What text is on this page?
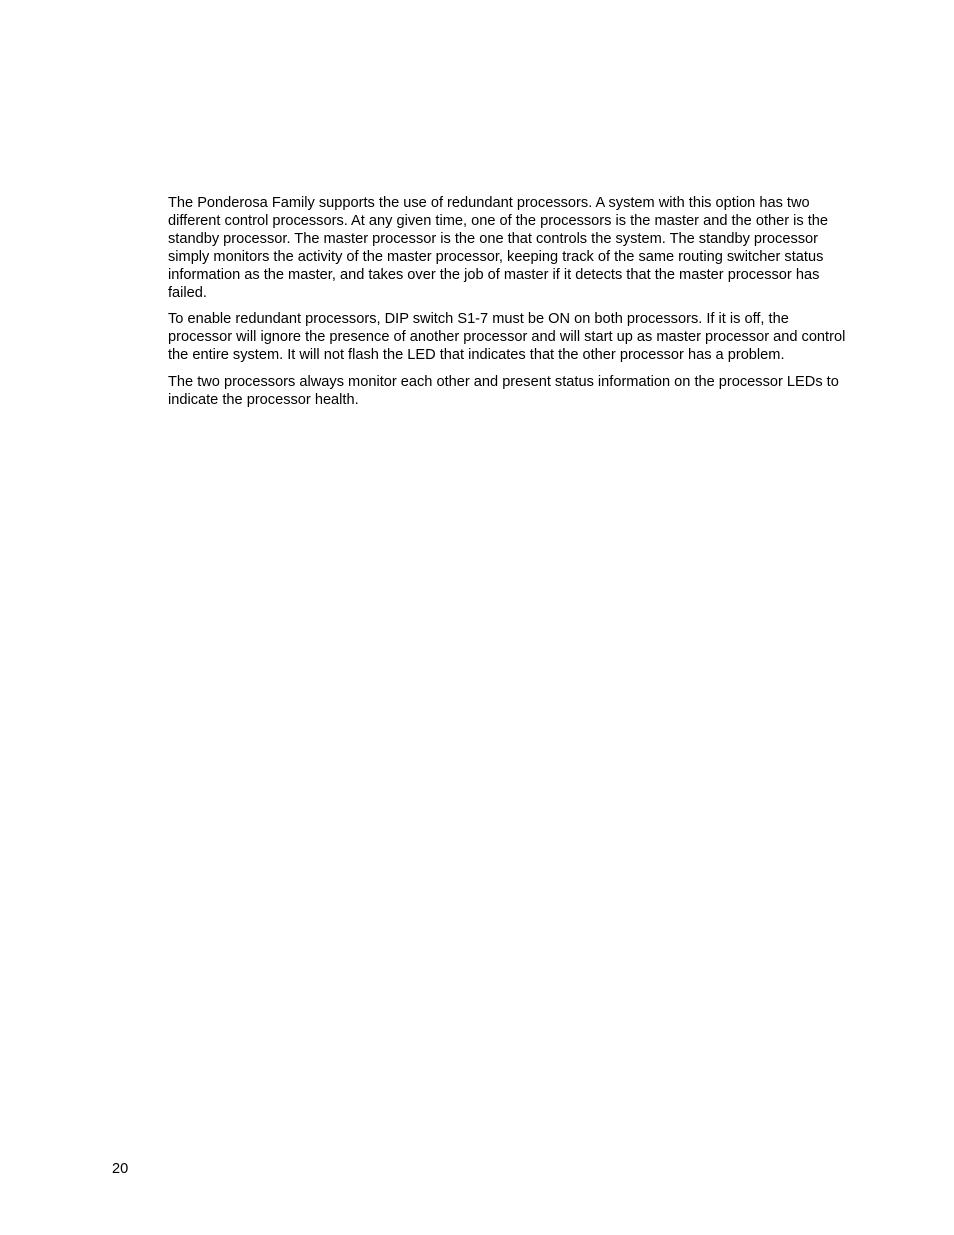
The Ponderosa Family supports the use of redundant processors. A system with this option has two different control processors. At any given time, one of the processors is the master and the other is the standby processor. The master processor is the one that controls the system. The standby processor simply monitors the activity of the master processor, keeping track of the same routing switcher status information as the master, and takes over the job of master if it detects that the master processor has failed.

To enable redundant processors, DIP switch S1-7 must be ON on both processors. If it is off, the processor will ignore the presence of another processor and will start up as master processor and control the entire system. It will not flash the LED that indicates that the other processor has a problem.

The two processors always monitor each other and present status information on the processor LEDs to indicate the processor health.

20
